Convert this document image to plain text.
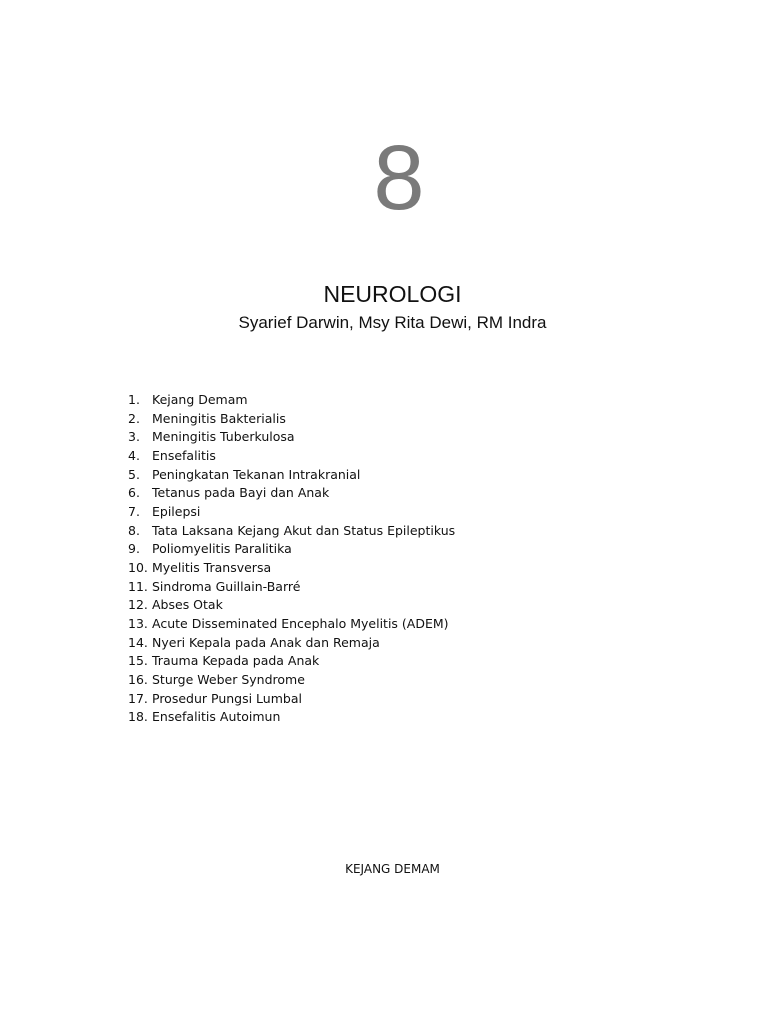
8
NEUROLOGI
Syarief Darwin, Msy Rita Dewi, RM Indra
1. Kejang Demam
2. Meningitis Bakterialis
3. Meningitis Tuberkulosa
4. Ensefalitis
5. Peningkatan Tekanan Intrakranial
6. Tetanus pada Bayi dan Anak
7. Epilepsi
8. Tata Laksana Kejang Akut dan Status Epileptikus
9. Poliomyelitis Paralitika
10. Myelitis Transversa
11. Sindroma Guillain-Barré
12. Abses Otak
13. Acute Disseminated Encephalo Myelitis (ADEM)
14. Nyeri Kepala pada Anak dan Remaja
15. Trauma Kepada pada Anak
16. Sturge Weber Syndrome
17. Prosedur Pungsi Lumbal
18. Ensefalitis Autoimun
KEJANG DEMAM
